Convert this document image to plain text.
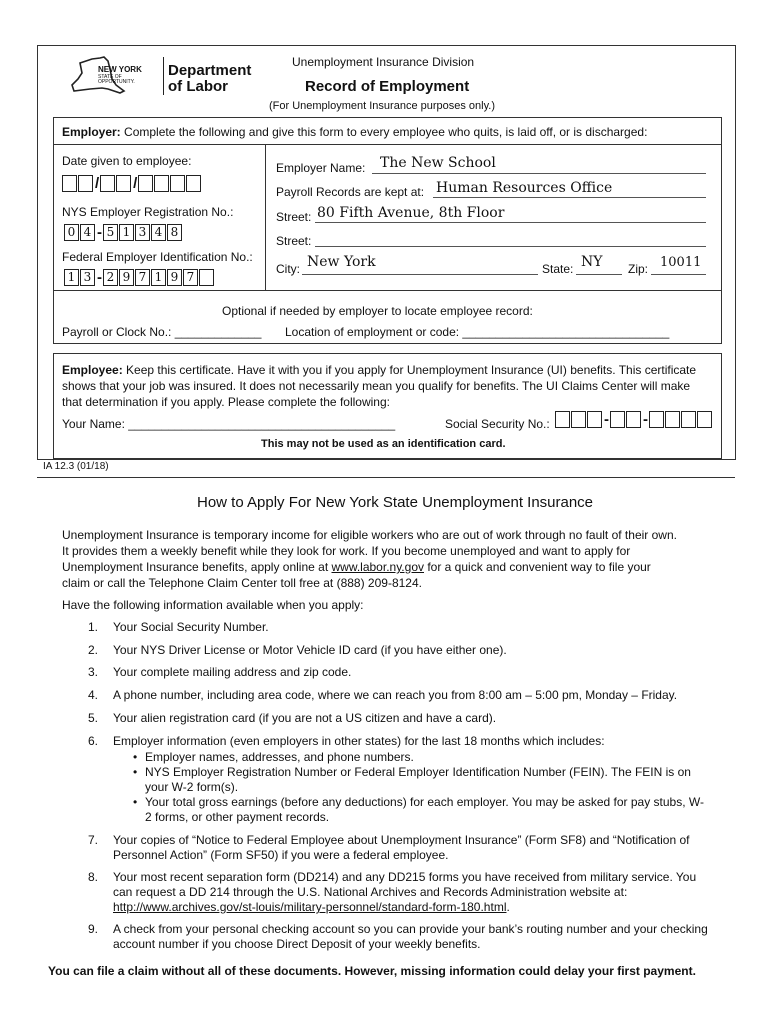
NEW YORK
STATE OF
OPPORTUNITY.
Department
of Labor
Unemployment Insurance Division
Record of Employment
(For Unemployment Insurance purposes only.)
Employer: Complete the following and give this form to every employee who quits, is laid off, or is discharged:
Date given to employee:
/ /
NYS Employer Registration No.:
0 4 - 5 1 3 4 8
Federal Employer Identification No.:
1 3 - 2 9 7 1 9 7
Employer Name: The New School
Payroll Records are kept at: Human Resources Office
Street: 80 Fifth Avenue, 8th Floor
Street:
City: New York	State: NY Zip: 10011
Optional if needed by employer to locate employee record:
Payroll or Clock No.: _____________ Location of employment or code: _______________________________
Employee: Keep this certificate. Have it with you if you apply for Unemployment Insurance (UI) benefits. This certificate shows that your job was insured. It does not necessarily mean you qualify for benefits. The UI Claims Center will make that determination if you apply. Please complete the following:
Your Name: ________________________________________	Social Security No.:	- -
This may not be used as an identification card.
IA 12.3 (01/18)
How to Apply For New York State Unemployment Insurance
Unemployment Insurance is temporary income for eligible workers who are out of work through no fault of their own.
It provides them a weekly benefit while they look for work. If you become unemployed and want to apply for
Unemployment Insurance benefits, apply online at www.labor.ny.gov for a quick and convenient way to file your
claim or call the Telephone Claim Center toll free at (888) 209-8124.
Have the following information available when you apply:
1.	Your Social Security Number.
2.	Your NYS Driver License or Motor Vehicle ID card (if you have either one).
3.	Your complete mailing address and zip code.
4.	A phone number, including area code, where we can reach you from 8:00 am – 5:00 pm, Monday – Friday.
5.	Your alien registration card (if you are not a US citizen and have a card).
6.	Employer information (even employers in other states) for the last 18 months which includes:
• Employer names, addresses, and phone numbers.
• NYS Employer Registration Number or Federal Employer Identification Number (FEIN). The FEIN is on your W-2 form(s).
• Your total gross earnings (before any deductions) for each employer. You may be asked for pay stubs, W-2 forms, or other payment records.
7.	Your copies of “Notice to Federal Employee about Unemployment Insurance” (Form SF8) and “Notification of Personnel Action” (Form SF50) if you were a federal employee.
8.	Your most recent separation form (DD214) and any DD215 forms you have received from military service. You can request a DD 214 through the U.S. National Archives and Records Administration website at:
http://www.archives.gov/st-louis/military-personnel/standard-form-180.html.
9.	A check from your personal checking account so you can provide your bank’s routing number and your checking account number if you choose Direct Deposit of your weekly benefits.
You can file a claim without all of these documents. However, missing information could delay your first payment.
